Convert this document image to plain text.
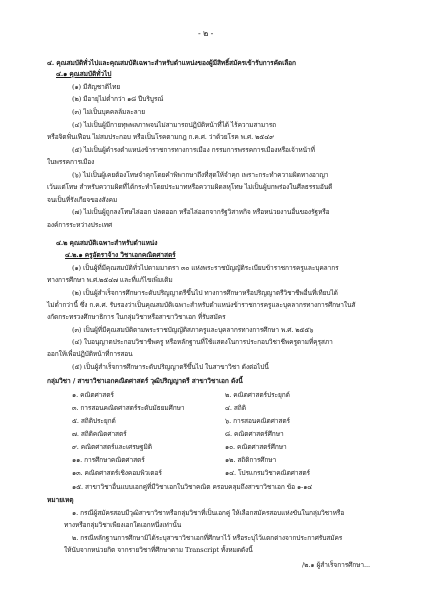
- ๒ -
๔. คุณสมบัติทั่วไปและคุณสมบัติเฉพาะสำหรับตำแหน่งของผู้มีสิทธิ์สมัครเข้ารับการคัดเลือก
๔.๑ คุณสมบัติทั่วไป
(๑) มีสัญชาติไทย
(๒) มีอายุไม่ต่ำกว่า ๑๘ ปีบริบูรณ์
(๓) ไม่เป็นบุคคลล้มละลาย
(๔) ไม่เป็นผู้มีกายทุพพลภาพจนไม่สามารถปฏิบัติหน้าที่ได้ ไร้ความสามารถ
หรือจิตฟั่นเฟือน ไม่สมประกอบ หรือเป็นโรคตามกฎ ก.ค.ศ. ว่าด้วยโรค พ.ศ. ๒๕๔๙
(๕) ไม่เป็นผู้ดำรงตำแหน่งข้าราชการทางการเมือง กรรมการพรรคการเมืองหรือเจ้าหน้าที่
ในพรรคการเมือง
(๖) ไม่เป็นผู้เคยต้องโทษจำคุกโดยคำพิพากษาถึงที่สุดให้จำคุก เพราะกระทำความผิดทางอาญา
เว้นแต่โทษ สำหรับความผิดที่ได้กระทำโดยประมาทหรือความผิดลหุโทษ ไม่เป็นผู้บกพร่องในศีลธรรมอันดี
จนเป็นที่รังเกียจของสังคม
(๗) ไม่เป็นผู้ถูกลงโทษไล่ออก ปลดออก หรือไล่ออกจากรัฐวิสาหกิจ หรือหน่วยงานอื่นของรัฐหรือ
องค์การระหว่างประเทศ
๔.๒ คุณสมบัติเฉพาะสำหรับตำแหน่ง
๔.๒.๑ ครูอัตราจ้าง วิชาเอกคณิตศาสตร์
(๑) เป็นผู้ที่มีคุณสมบัติทั่วไปตามมาตรา ๓๐ แห่งพระราชบัญญัติระเบียบข้าราชการครูและบุคลากร
ทางการศึกษา พ.ศ.๒๕๔๗ และที่แก้ไขเพิ่มเติม
(๒) เป็นผู้สำเร็จการศึกษาระดับปริญญาตรีขึ้นไป ทางการศึกษาหรือปริญญาตรีวิชาชีพอื่นที่เทียบได้
ไม่ต่ำกว่านี้ ซึ่ง ก.ค.ศ. รับรองว่าเป็นคุณสมบัติเฉพาะสำหรับตำแหน่งข้าราชการครูและบุคลากรทางการศึกษาในสั
งกัดกระทรวงศึกษาธิการ ในกลุ่มวิชาหรือสาขาวิชาเอก ที่รับสมัคร
(๓) เป็นผู้ที่มีคุณสมบัติตามพระราชบัญญัติสภาครูและบุคลากรทางการศึกษา พ.ศ. ๒๕๕๖
(๔) ใบอนุญาตประกอบวิชาชีพครู หรือหลักฐานที่ใช้แสดงในการประกอบวิชาชีพครูตามที่คุรุสภา
ออกให้เพื่อปฏิบัติหน้าที่การสอน
(๕) เป็นผู้สำเร็จการศึกษาระดับปริญญาตรีขึ้นไป ในสาขาวิชา ดังต่อไปนี้
กลุ่มวิชา / สาขาวิชาเอกคณิตศาสตร์ วุฒิปริญญาตรี สาขาวิชาเอก ดังนี้
๑. คณิตศาสตร์	๒. คณิตศาสตร์ประยุกต์
๓. การสอนคณิตศาสตร์ระดับมัธยมศึกษา	๔. สถิติ
๕. สถิติประยุกต์	๖. การสอนคณิตศาสตร์
๗. สถิติคณิตศาสตร์	๘. คณิตศาสตร์ศึกษา
๙. คณิตศาสตร์และเศรษฐมิติ	๑๐. คณิตศาสตร์ศึกษา
๑๑. การศึกษาคณิตศาสตร์	๑๒. สถิติการศึกษา
๑๓. คณิตศาสตร์เชิงคอมพิวเตอร์	๑๔. โปรแกรมวิชาคณิตศาสตร์
๑๕. สาขาวิชาอื่นแบบเอกคู่ที่มีวิชาเอกในวิชาคณิต ครอบคลุมถึงสาขาวิชาเอก ข้อ ๑-๑๔
หมายเหตุ
๑. กรณีผู้สมัครสอบมีวุฒิสาขาวิชาหรือกลุ่มวิชาที่เป็นเอกคู่ ให้เลือกสมัครสอบแห่งขันในกลุ่มวิชาหรือ
ทางหรือกลุ่มวิชาเพียงเอกใดเอกหนึ่งเท่านั้น
๒. กรณีหลักฐานการศึกษามิได้ระบุสาขาวิชาเอกที่ศึกษาไว้ หรือระบุไว้แตกต่างจากประกาศรับสมัคร
ให้นับจากหน่วยกิต จากรายวิชาที่ศึกษาตาม Transcript ทั้งหมดดังนี้
/๒.๑ ผู้สำเร็จการศึกษา...
